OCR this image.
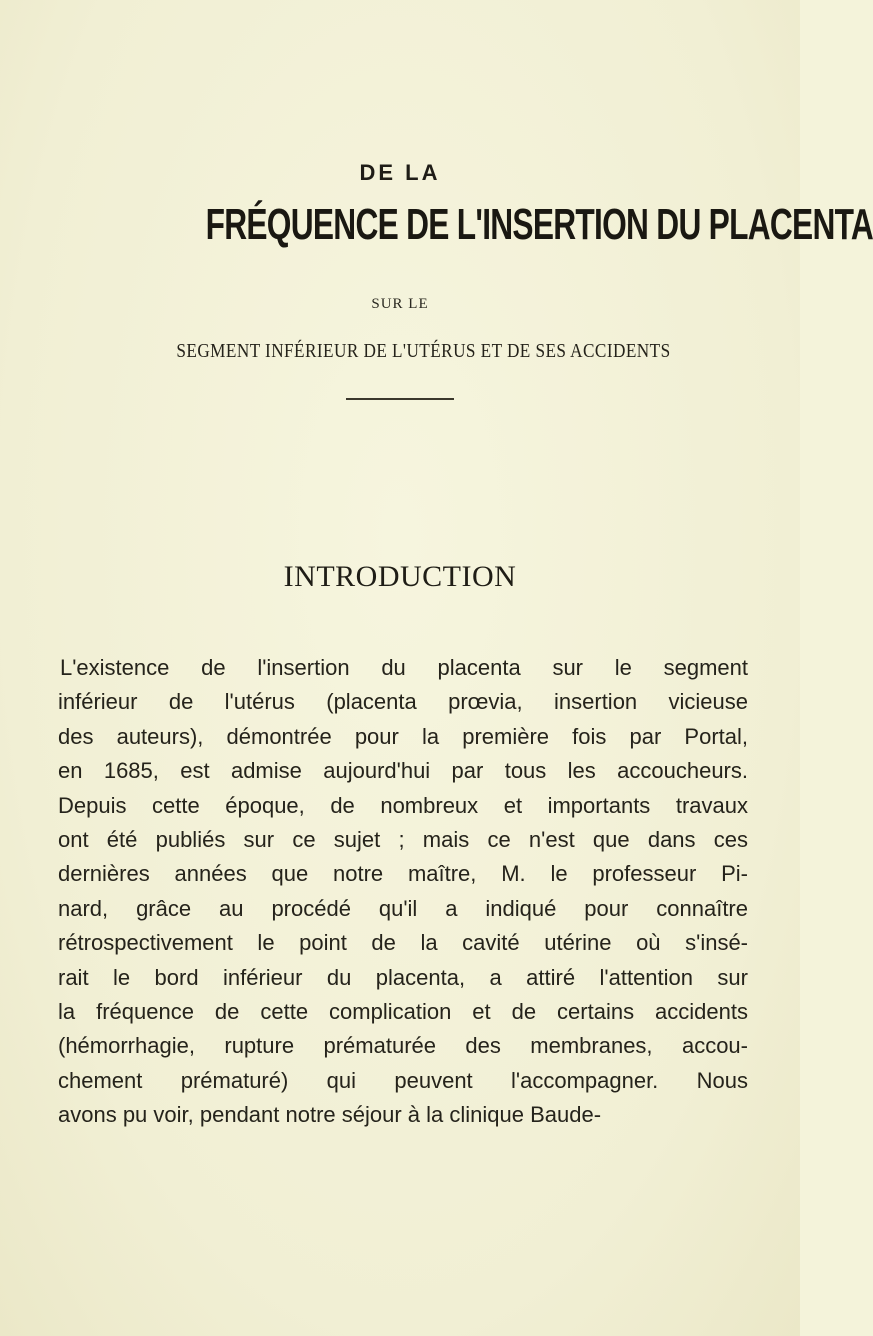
DE LA
FRÉQUENCE DE L'INSERTION DU PLACENTA
SUR LE
SEGMENT INFÉRIEUR DE L'UTÉRUS ET DE SES ACCIDENTS
INTRODUCTION
L'existence de l'insertion du placenta sur le segment
inférieur de l'utérus (placenta prœvia, insertion vicieuse
des auteurs), démontrée pour la première fois par Portal,
en 1685, est admise aujourd'hui par tous les accoucheurs.
Depuis cette époque, de nombreux et importants travaux
ont été publiés sur ce sujet ; mais ce n'est que dans ces
dernières années que notre maître, M. le professeur Pi-
nard, grâce au procédé qu'il a indiqué pour connaître
rétrospectivement le point de la cavité utérine où s'insé-
rait le bord inférieur du placenta, a attiré l'attention sur
la fréquence de cette complication et de certains accidents
(hémorrhagie, rupture prématurée des membranes, accou-
chement prématuré) qui peuvent l'accompagner. Nous
avons pu voir, pendant notre séjour à la clinique Baude-
